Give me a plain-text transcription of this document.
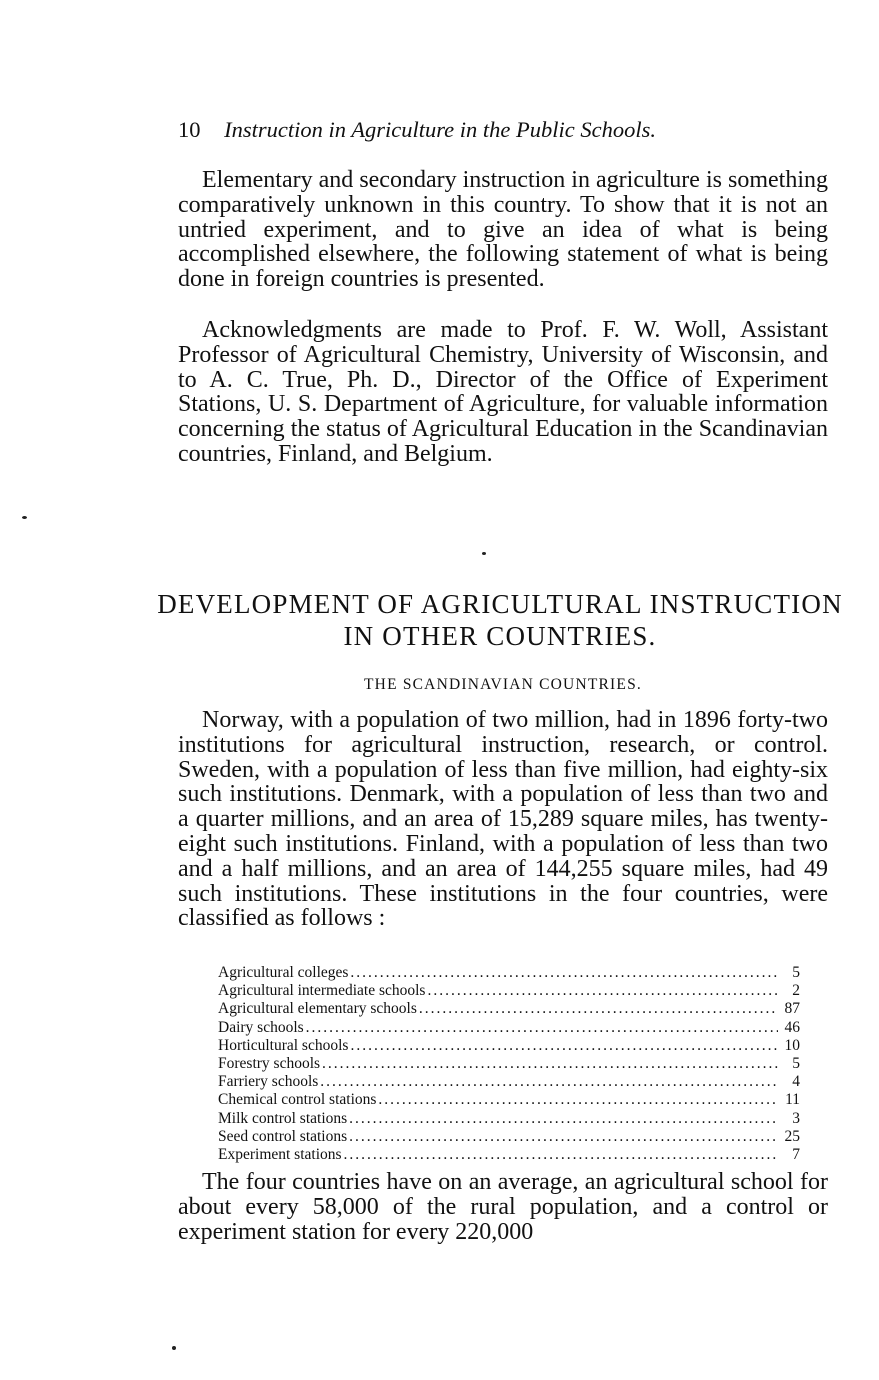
10 Instruction in Agriculture in the Public Schools.

Elementary and secondary instruction in agriculture is something comparatively unknown in this country. To show that it is not an untried experiment, and to give an idea of what is being accomplished elsewhere, the following statement of what is being done in foreign countries is presented.

Acknowledgments are made to Prof. F. W. Woll, Assistant Professor of Agricultural Chemistry, University of Wisconsin, and to A. C. True, Ph. D., Director of the Office of Experiment Stations, U. S. Department of Agriculture, for valuable information concerning the status of Agricultural Education in the Scandinavian countries, Finland, and Belgium.

DEVELOPMENT OF AGRICULTURAL INSTRUCTION IN OTHER COUNTRIES.
THE SCANDINAVIAN COUNTRIES.

Norway, with a population of two million, had in 1896 forty-two institutions for agricultural instruction, research, or control. Sweden, with a population of less than five million, had eighty-six such institutions. Denmark, with a population of less than two and a quarter millions, and an area of 15,289 square miles, has twenty-eight such institutions. Finland, with a population of less than two and a half millions, and an area of 144,255 square miles, had 49 such institutions. These institutions in the four countries, were classified as follows :

Agricultural colleges .....	5
Agricultural intermediate schools .....	2
Agricultural elementary schools .....	87
Dairy schools .....	46
Horticultural schools .....	10
Forestry schools .....	5
Farriery schools .....	4
Chemical control stations .....	11
Milk control stations .....	3
Seed control stations .....	25
Experiment stations .....	7

The four countries have on an average, an agricultural school for about every 58,000 of the rural population, and a control or experiment station for every 220,000
